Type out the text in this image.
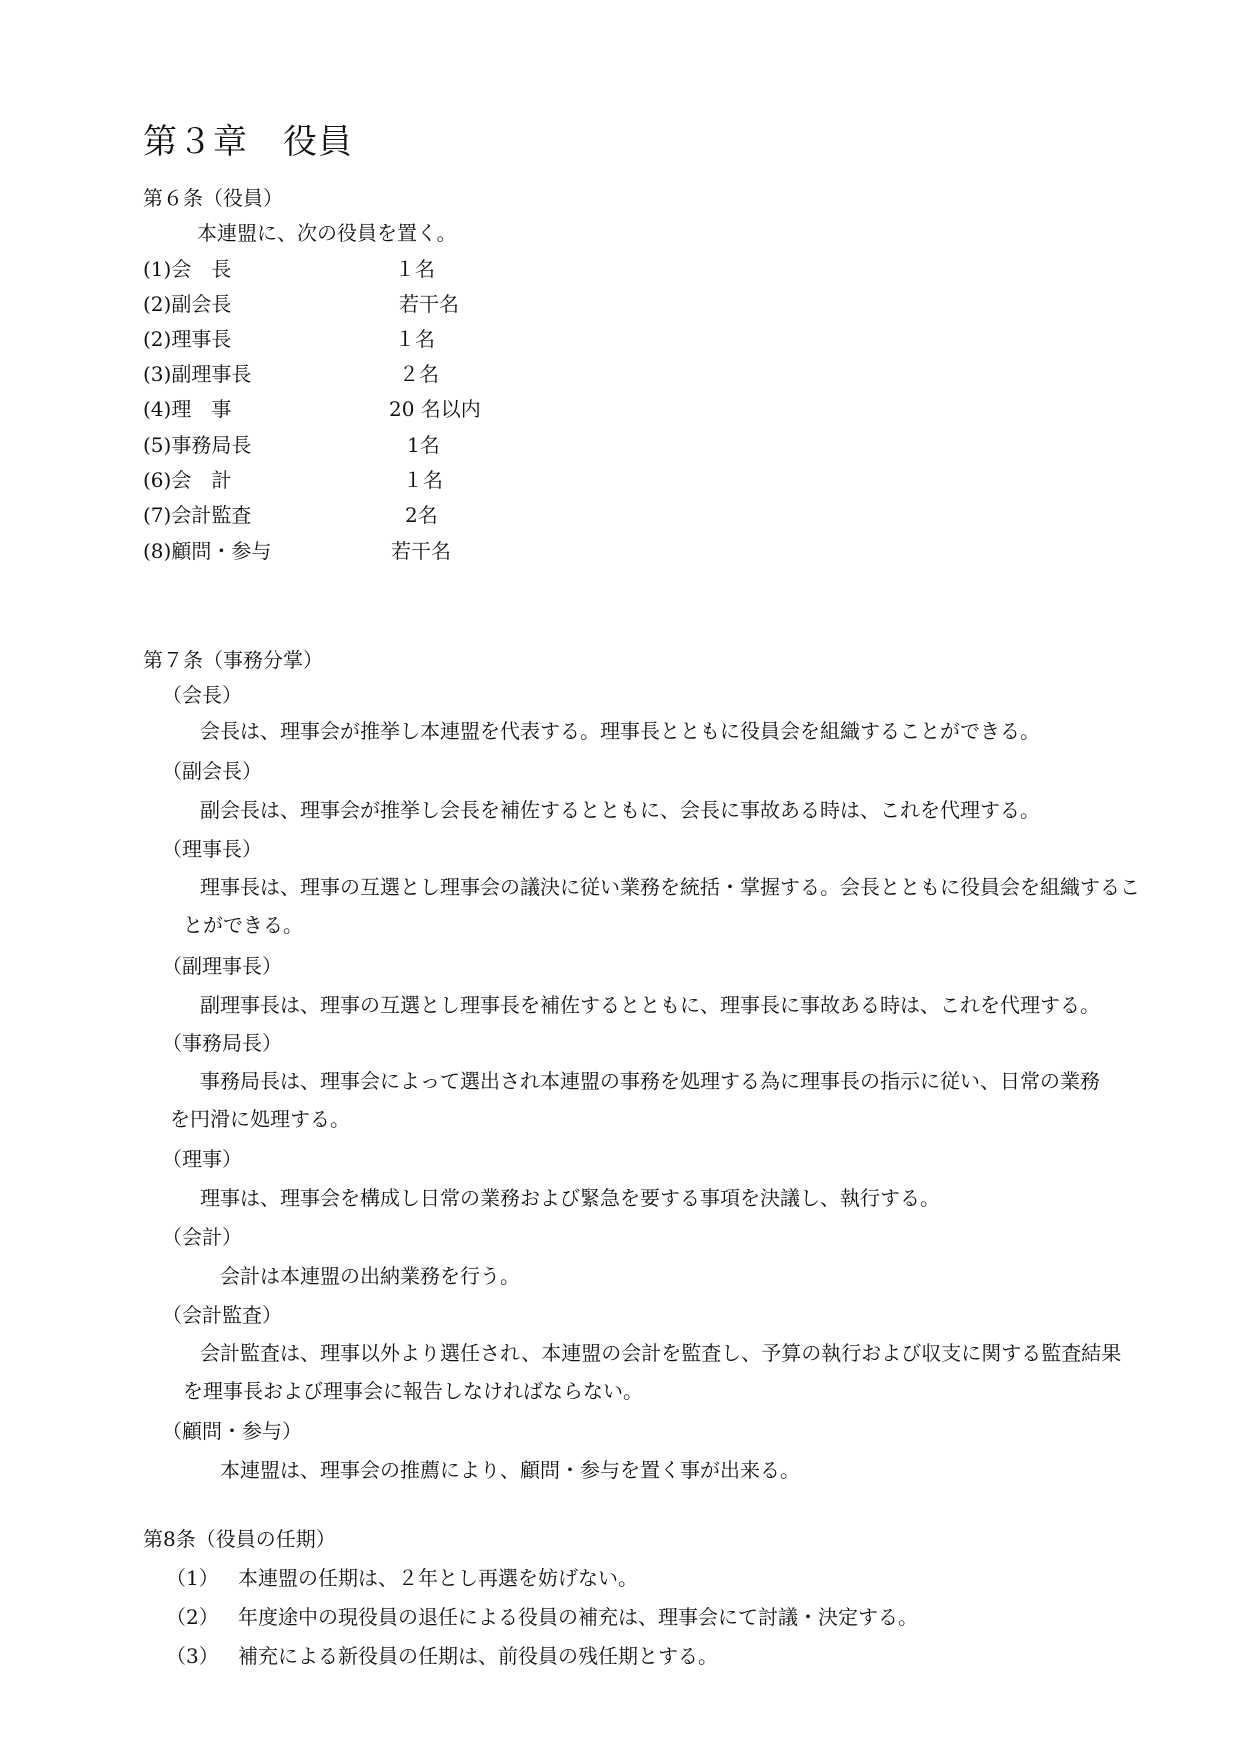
第３章　役員
第６条（役員）
本連盟に、次の役員を置く。
(1)会　長	１名
(2)副会長	若干名
(2)理事長	１名
(3)副理事長	２名
(4)理　事	20 名以内
(5)事務局長	1名
(6)会　計	１名
(7)会計監査	2名
(8)顧問・参与	若干名
第７条（事務分掌）
（会長）
会長は、理事会が推挙し本連盟を代表する。理事長とともに役員会を組織することができる。
（副会長）
副会長は、理事会が推挙し会長を補佐するとともに、会長に事故ある時は、これを代理する。
（理事長）
理事長は、理事の互選とし理事会の議決に従い業務を統括・掌握する。会長とともに役員会を組織するこ
とができる。
（副理事長）
副理事長は、理事の互選とし理事長を補佐するとともに、理事長に事故ある時は、これを代理する。
（事務局長）
事務局長は、理事会によって選出され本連盟の事務を処理する為に理事長の指示に従い、日常の業務
を円滑に処理する。
（理事）
理事は、理事会を構成し日常の業務および緊急を要する事項を決議し、執行する。
（会計）
会計は本連盟の出納業務を行う。
（会計監査）
会計監査は、理事以外より選任され、本連盟の会計を監査し、予算の執行および収支に関する監査結果
を理事長および理事会に報告しなければならない。
（顧問・参与）
本連盟は、理事会の推薦により、顧問・参与を置く事が出来る。
第8条（役員の任期）
（1） 本連盟の任期は、２年とし再選を妨げない。
（2） 年度途中の現役員の退任による役員の補充は、理事会にて討議・決定する。
（3） 補充による新役員の任期は、前役員の残任期とする。
